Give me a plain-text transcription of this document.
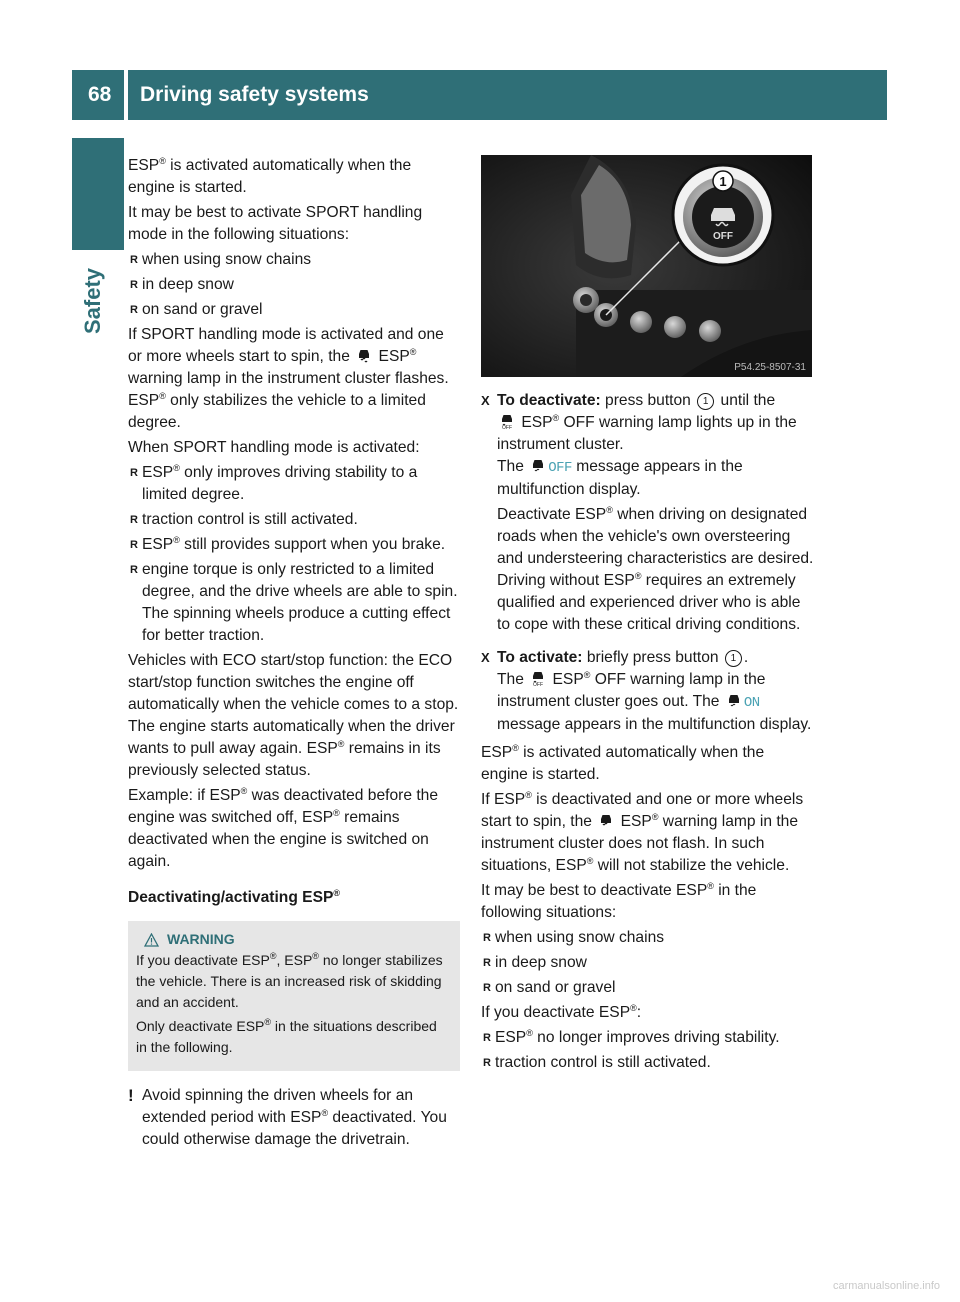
68	Driving safety systems
Safety

ESP® is activated automatically when the engine is started.

It may be best to activate SPORT handling mode in the following situations:

R when using snow chains
R in deep snow
R on sand or gravel

If SPORT handling mode is activated and one or more wheels start to spin, the  ESP® warning lamp in the instrument cluster flashes. ESP® only stabilizes the vehicle to a limited degree.

When SPORT handling mode is activated:

R ESP® only improves driving stability to a limited degree.
R traction control is still activated.
R ESP® still provides support when you brake.
R engine torque is only restricted to a limited degree, and the drive wheels are able to spin. The spinning wheels produce a cutting effect for better traction.

Vehicles with ECO start/stop function: the ECO start/stop function switches the engine off automatically when the vehicle comes to a stop. The engine starts automatically when the driver wants to pull away again. ESP® remains in its previously selected status.

Example: if ESP® was deactivated before the engine was switched off, ESP® remains deactivated when the engine is switched on again.

Deactivating/activating ESP®

WARNING

If you deactivate ESP®, ESP® no longer stabilizes the vehicle. There is an increased risk of skidding and an accident.

Only deactivate ESP® in the situations described in the following.

! Avoid spinning the driven wheels for an extended period with ESP® deactivated. You could otherwise damage the drivetrain.
OFF
1
P54.25-8507-31
X To deactivate: press button 1 until the

OFF ESP® OFF warning lamp lights up in the instrument cluster.
The OFF message appears in the multifunction display.

Deactivate ESP® when driving on designated roads when the vehicle's own oversteering and understeering characteristics are desired. Driving without ESP® requires an extremely qualified and experienced driver who is able to cope with these critical driving conditions.

X To activate: briefly press button 1 .
The OFF ESP® OFF warning lamp in the instrument cluster goes out. The ON message appears in the multifunction display.

ESP® is activated automatically when the engine is started.

If ESP® is deactivated and one or more wheels start to spin, the  ESP® warning lamp in the instrument cluster does not flash. In such situations, ESP® will not stabilize the vehicle.

It may be best to deactivate ESP® in the following situations:

R when using snow chains
R in deep snow
R on sand or gravel

If you deactivate ESP®:

R ESP® no longer improves driving stability.
R traction control is still activated.
carmanualsonline.info
